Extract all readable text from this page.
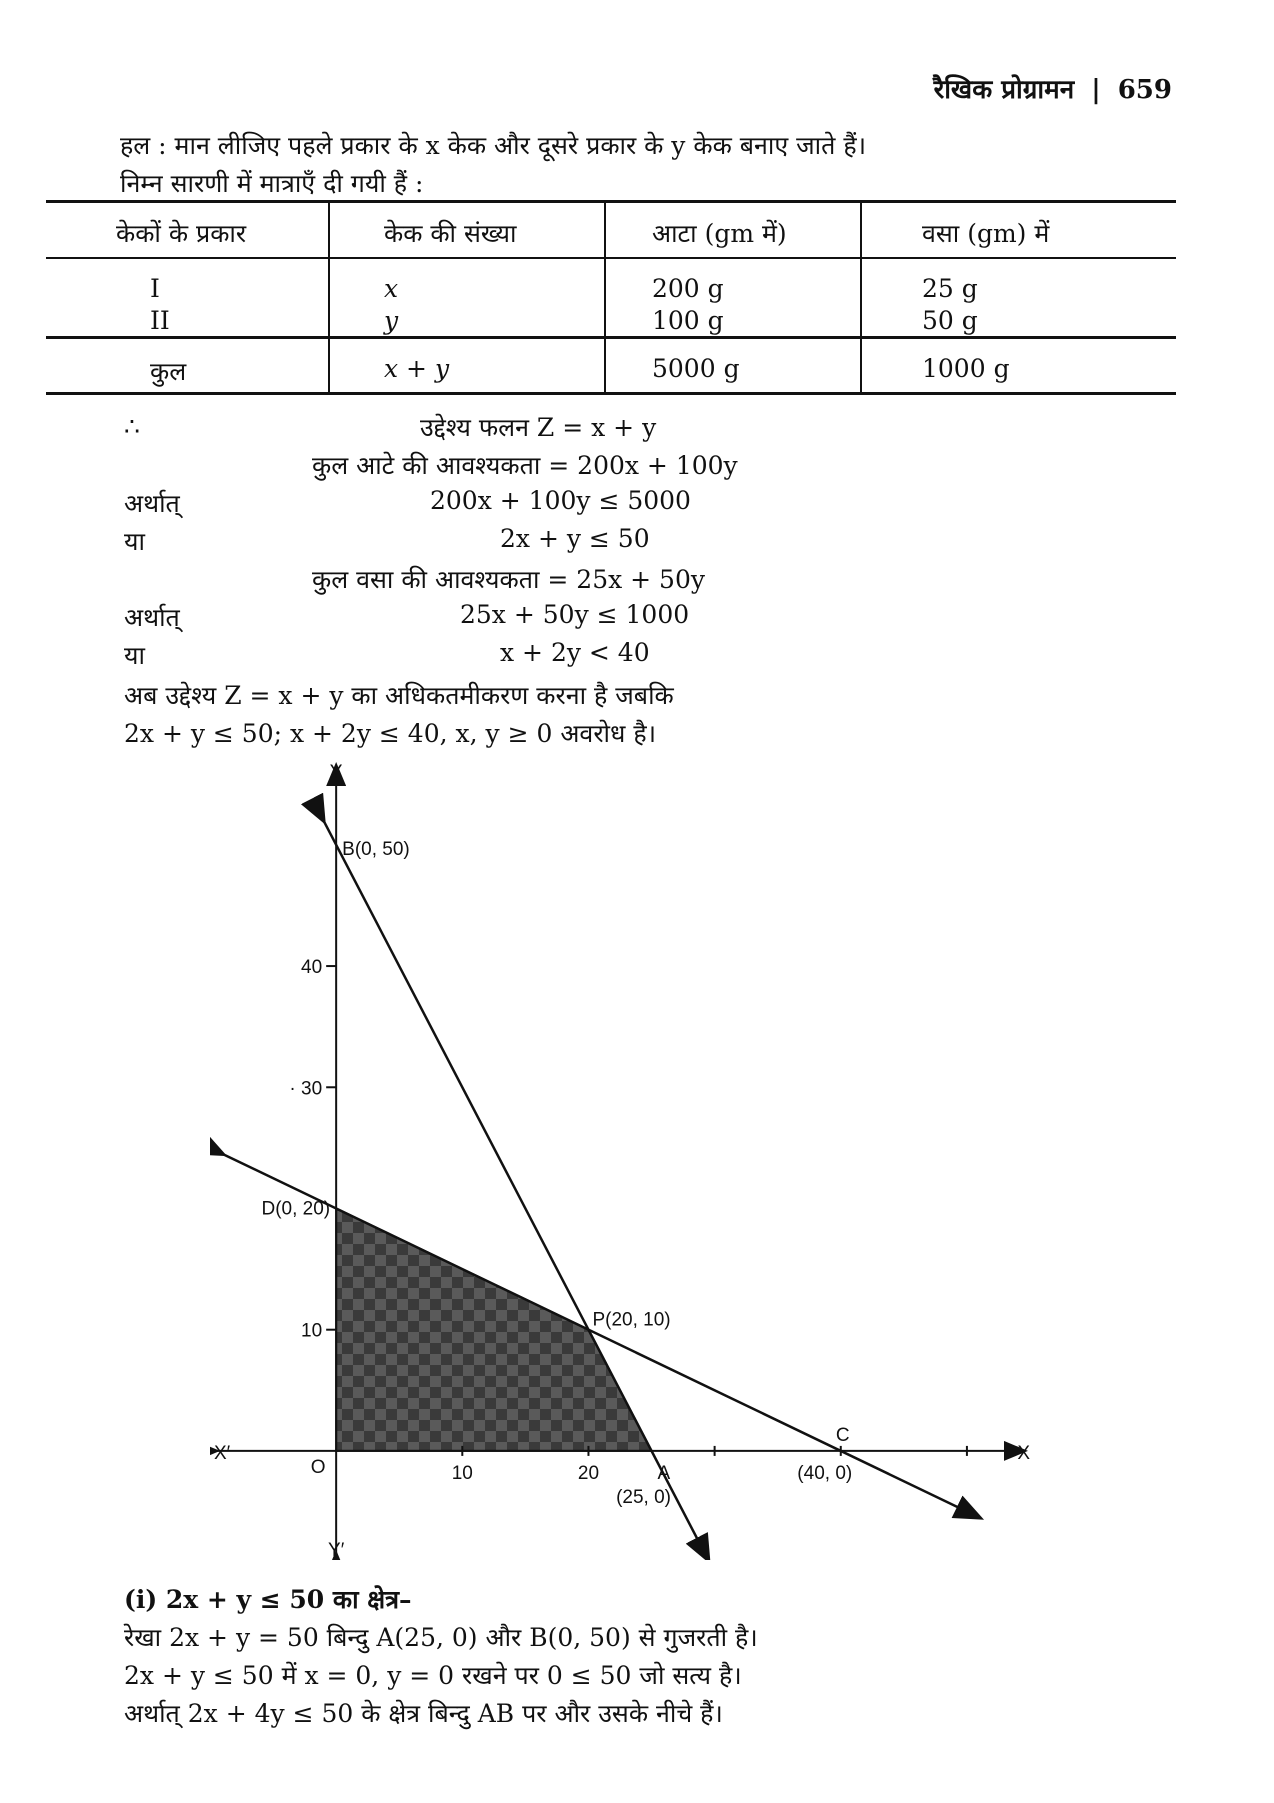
रैखिक प्रोग्रामन | 659
हल : मान लीजिए पहले प्रकार के x केक और दूसरे प्रकार के y केक बनाए जाते हैं।
निम्न सारणी में मात्राएँ दी गयी हैं :
केकों के प्रकार	केक की संख्या	आटा (gm में)	वसा (gm) में
I	x	200 g	25 g
II	y	100 g	50 g
कुल	x + y	5000 g	1000 g
∴	उद्देश्य फलन Z = x + y
कुल आटे की आवश्यकता = 200x + 100y
अर्थात्	200x + 100y ≤ 5000
या	2x + y ≤ 50
कुल वसा की आवश्यकता = 25x + 50y
अर्थात्	25x + 50y ≤ 1000
या	x + 2y < 40
अब उद्देश्य Z = x + y का अधिकतमीकरण करना है जबकि
2x + y ≤ 50; x + 2y ≤ 40, x, y ≥ 0 अवरोध है।
10	20
10
· 30
40
X
X′
Y
Y′
O
B(0, 50)
D(0, 20)
P(20, 10)
A
(25, 0)
C
(40, 0)
(i) 2x + y ≤ 50 का क्षेत्र–
रेखा 2x + y = 50 बिन्दु A(25, 0) और B(0, 50) से गुजरती है।
2x + y ≤ 50 में x = 0, y = 0 रखने पर 0 ≤ 50 जो सत्य है।
अर्थात् 2x + 4y ≤ 50 के क्षेत्र बिन्दु AB पर और उसके नीचे हैं।
